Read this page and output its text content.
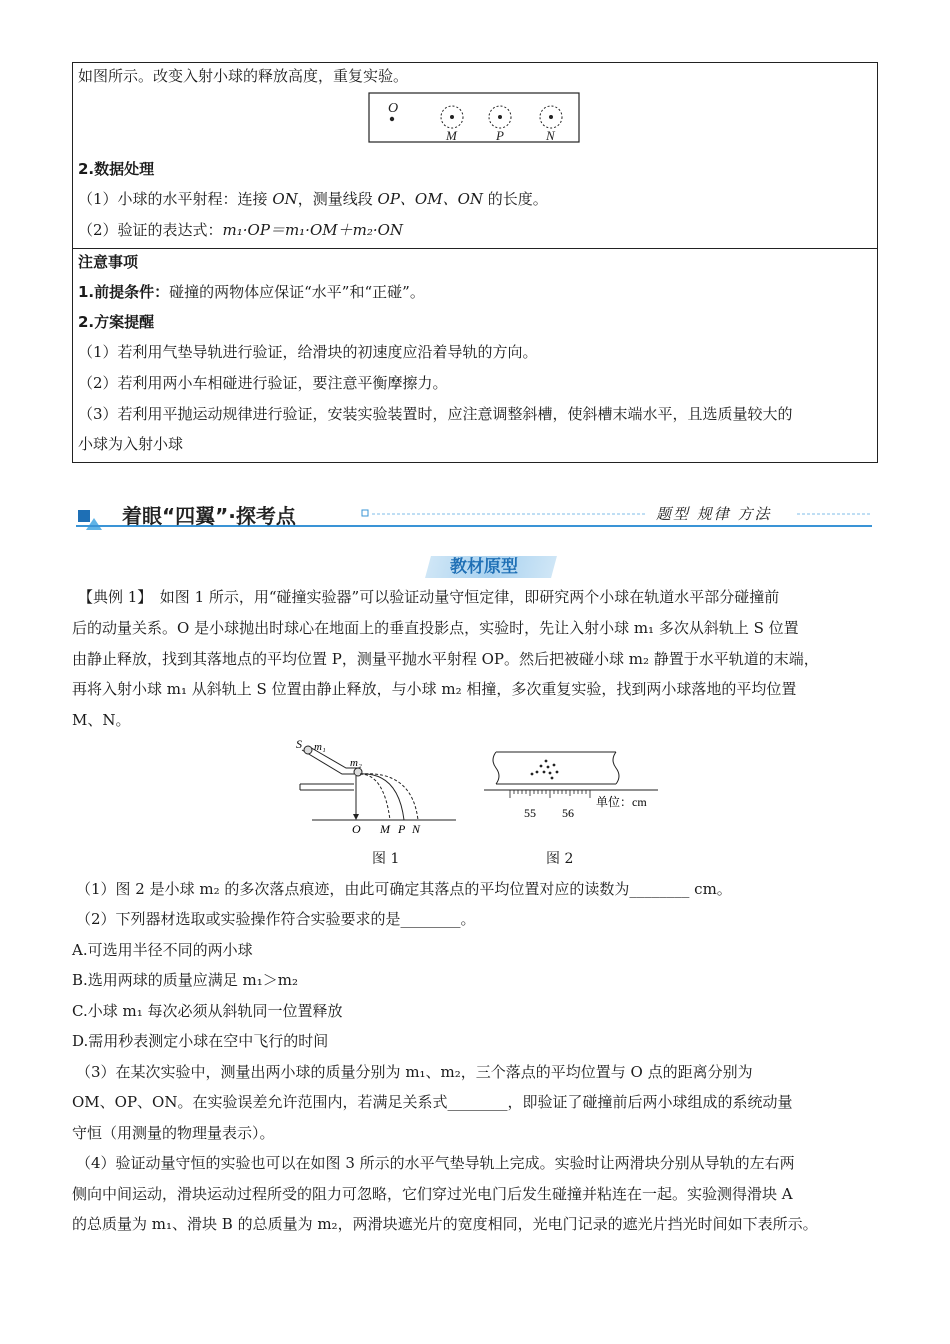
如图所示。改变入射小球的释放高度，重复实验。
O
M	P	N
2.数据处理
（1）小球的水平射程：连接 ON，测量线段 OP、OM、ON 的长度。
（2）验证的表达式：m₁·OP＝m₁·OM＋m₂·ON
注意事项
1.前提条件：碰撞的两物体应保证“水平”和“正碰”。
2.方案提醒
（1）若利用气垫导轨进行验证，给滑块的初速度应沿着导轨的方向。
（2）若利用两小车相碰进行验证，要注意平衡摩擦力。
（3）若利用平抛运动规律进行验证，安装实验装置时，应注意调整斜槽，使斜槽末端水平，且选质量较大的
小球为入射小球
着眼“四翼”·探考点	题型 规律 方法
教材原型
【典例 1】　如图 1 所示，用“碰撞实验器”可以验证动量守恒定律，即研究两个小球在轨道水平部分碰撞前
后的动量关系。O 是小球抛出时球心在地面上的垂直投影点，实验时，先让入射小球 m₁ 多次从斜轨上 S 位置
由静止释放，找到其落地点的平均位置 P，测量平抛水平射程 OP。然后把被碰小球 m₂ 静置于水平轨道的末端，
再将入射小球 m₁ 从斜轨上 S 位置由静止释放，与小球 m₂ 相撞，多次重复实验，找到两小球落地的平均位置
M、N。
S m₁
m₂
O M P N
图 1
55 56
单位：cm
图 2
（1）图 2 是小球 m₂ 的多次落点痕迹，由此可确定其落点的平均位置对应的读数为________ cm。
（2）下列器材选取或实验操作符合实验要求的是________。
A.可选用半径不同的两小球
B.选用两球的质量应满足 m₁＞m₂
C.小球 m₁ 每次必须从斜轨同一位置释放
D.需用秒表测定小球在空中飞行的时间
（3）在某次实验中，测量出两小球的质量分别为 m₁、m₂，三个落点的平均位置与 O 点的距离分别为
OM、OP、ON。在实验误差允许范围内，若满足关系式________，即验证了碰撞前后两小球组成的系统动量
守恒（用测量的物理量表示）。
（4）验证动量守恒的实验也可以在如图 3 所示的水平气垫导轨上完成。实验时让两滑块分别从导轨的左右两
侧向中间运动，滑块运动过程所受的阻力可忽略，它们穿过光电门后发生碰撞并粘连在一起。实验测得滑块 A
的总质量为 m₁、滑块 B 的总质量为 m₂，两滑块遮光片的宽度相同，光电门记录的遮光片挡光时间如下表所示。
